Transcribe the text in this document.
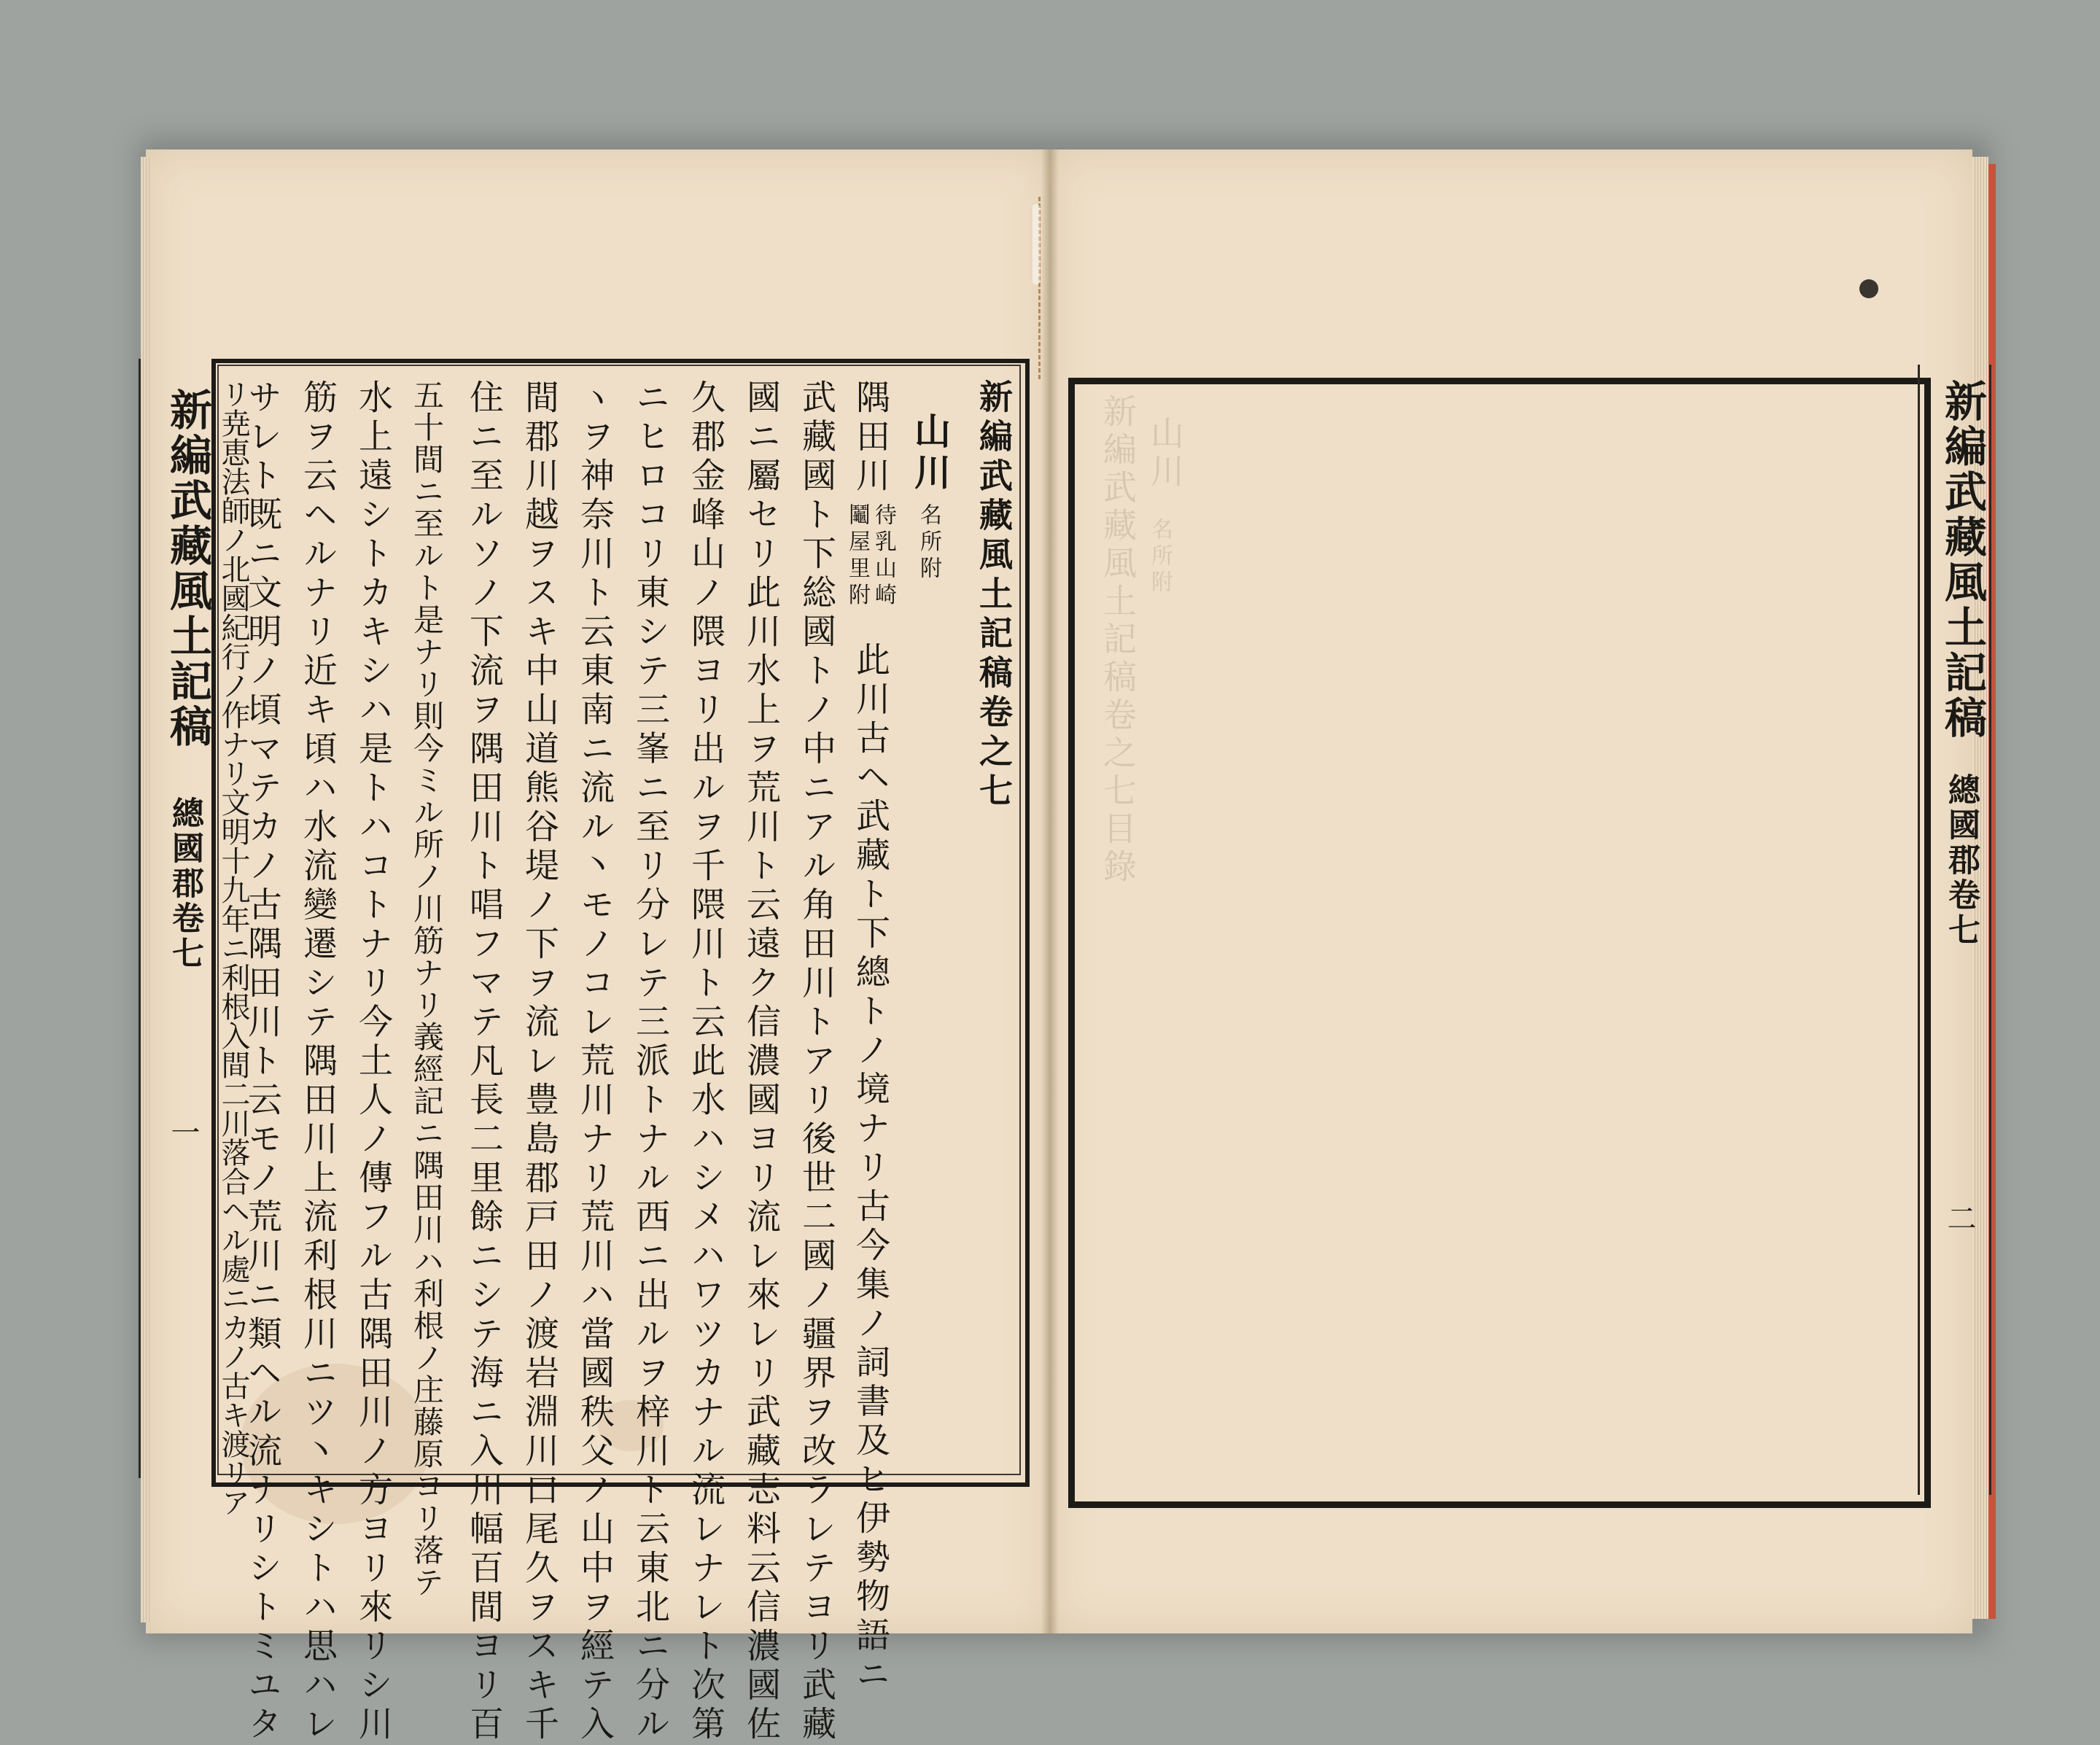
新編武藏風土記稿
總國郡卷七
一
新編武藏風土記稿卷之七
山川
名所附
隅田川
待乳山崎
鬮屋里附
此川古ヘ武藏ト下總トノ境ナリ古今集ノ詞書及ヒ伊勢物語ニ
武藏國ト下総國トノ中ニアル角田川トアリ後世二國ノ疆界ヲ改ラレテヨリ武藏
國ニ屬セリ此川水上ヲ荒川ト云遠ク信濃國ヨリ流レ來レリ武藏志料云信濃國佐
久郡金峰山ノ隈ヨリ出ルヲ千隈川ト云此水ハシメハワツカナル流レナレト次第
ニヒロコリ東シテ三峯ニ至リ分レテ三派トナル西ニ出ルヲ梓川ト云東北ニ分ル
ヽヲ神奈川ト云東南ニ流ル丶モノコレ荒川ナリ荒川ハ當國秩父ノ山中ヲ經テ入
間郡川越ヲスキ中山道熊谷堤ノ下ヲ流レ豊島郡戸田ノ渡岩淵川口尾久ヲスキ千
住ニ至ルソノ下流ヲ隅田川ト唱フマテ凡長二里餘ニシテ海ニ入川幅百間ヨリ百
五十間ニ至ルト是ナリ則今ミル所ノ川筋ナリ義經記ニ隅田川ハ利根ノ庄藤原ヨリ落テ
水上遠シトカキシハ是トハコトナリ今土人ノ傳フル古隅田川ノ方ヨリ來リシ川
筋ヲ云ヘルナリ近キ頃ハ水流變遷シテ隅田川上流利根川ニツ丶キシトハ思ハレ
サレト既ニ文明ノ頃マテカノ古隅田川ト云モノ荒川ニ類ヘル流ナリシトミユタ
リ尭恵法師ノ北國紀行ノ作ナリ文明十九年ニ利根入間二川落合ヘル處ニカノ古キ渡リア	新編武藏風土記稿
總國郡卷七
二
山川
名所附
新編武藏風土記稿卷之七目錄
